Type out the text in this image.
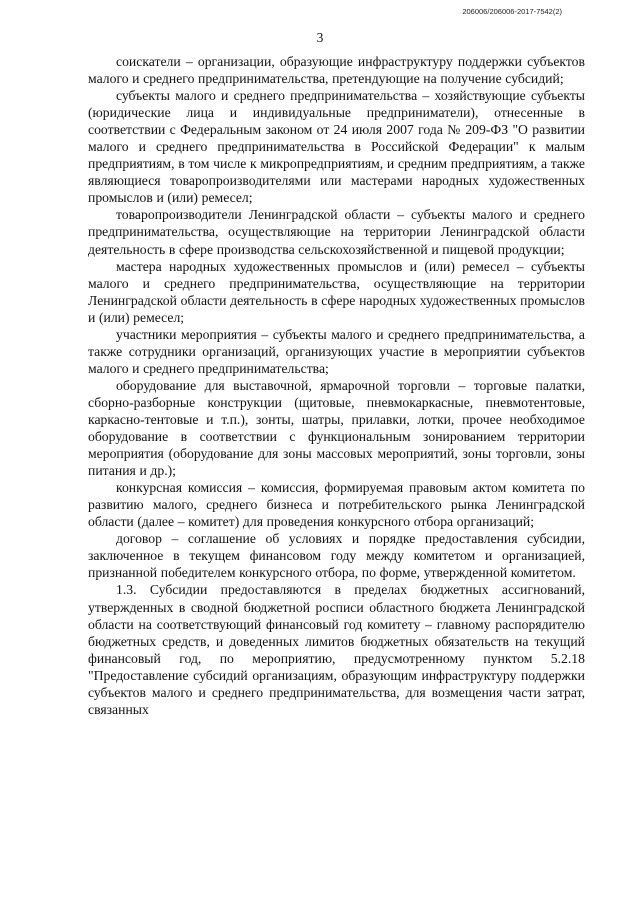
206006/206006-2017-7542(2)
3

соискатели – организации, образующие инфраструктуру поддержки субъектов малого и среднего предпринимательства, претендующие на получение субсидий;

субъекты малого и среднего предпринимательства – хозяйствующие субъекты (юридические лица и индивидуальные предприниматели), отнесенные в соответствии с Федеральным законом от 24 июля 2007 года № 209-ФЗ "О развитии малого и среднего предпринимательства в Российской Федерации" к малым предприятиям, в том числе к микропредприятиям, и средним предприятиям, а также являющиеся товаропроизводителями или мастерами народных художественных промыслов и (или) ремесел;

товаропроизводители Ленинградской области – субъекты малого и среднего предпринимательства, осуществляющие на территории Ленинградской области деятельность в сфере производства сельскохозяйственной и пищевой продукции;

мастера народных художественных промыслов и (или) ремесел – субъекты малого и среднего предпринимательства, осуществляющие на территории Ленинградской области деятельность в сфере народных художественных промыслов и (или) ремесел;

участники мероприятия – субъекты малого и среднего предпринимательства, а также сотрудники организаций, организующих участие в мероприятии субъектов малого и среднего предпринимательства;

оборудование для выставочной, ярмарочной торговли – торговые палатки, сборно-разборные конструкции (щитовые, пневмокаркасные, пневмотентовые, каркасно-тентовые и т.п.), зонты, шатры, прилавки, лотки, прочее необходимое оборудование в соответствии с функциональным зонированием территории мероприятия (оборудование для зоны массовых мероприятий, зоны торговли, зоны питания и др.);

конкурсная комиссия – комиссия, формируемая правовым актом комитета по развитию малого, среднего бизнеса и потребительского рынка Ленинградской области (далее – комитет) для проведения конкурсного отбора организаций;

договор – соглашение об условиях и порядке предоставления субсидии, заключенное в текущем финансовом году между комитетом и организацией, признанной победителем конкурсного отбора, по форме, утвержденной комитетом.

1.3. Субсидии предоставляются в пределах бюджетных ассигнований, утвержденных в сводной бюджетной росписи областного бюджета Ленинградской области на соответствующий финансовый год комитету – главному распорядителю бюджетных средств, и доведенных лимитов бюджетных обязательств на текущий финансовый год, по мероприятию, предусмотренному пунктом 5.2.18 "Предоставление субсидий организациям, образующим инфраструктуру поддержки субъектов малого и среднего предпринимательства, для возмещения части затрат, связанных
